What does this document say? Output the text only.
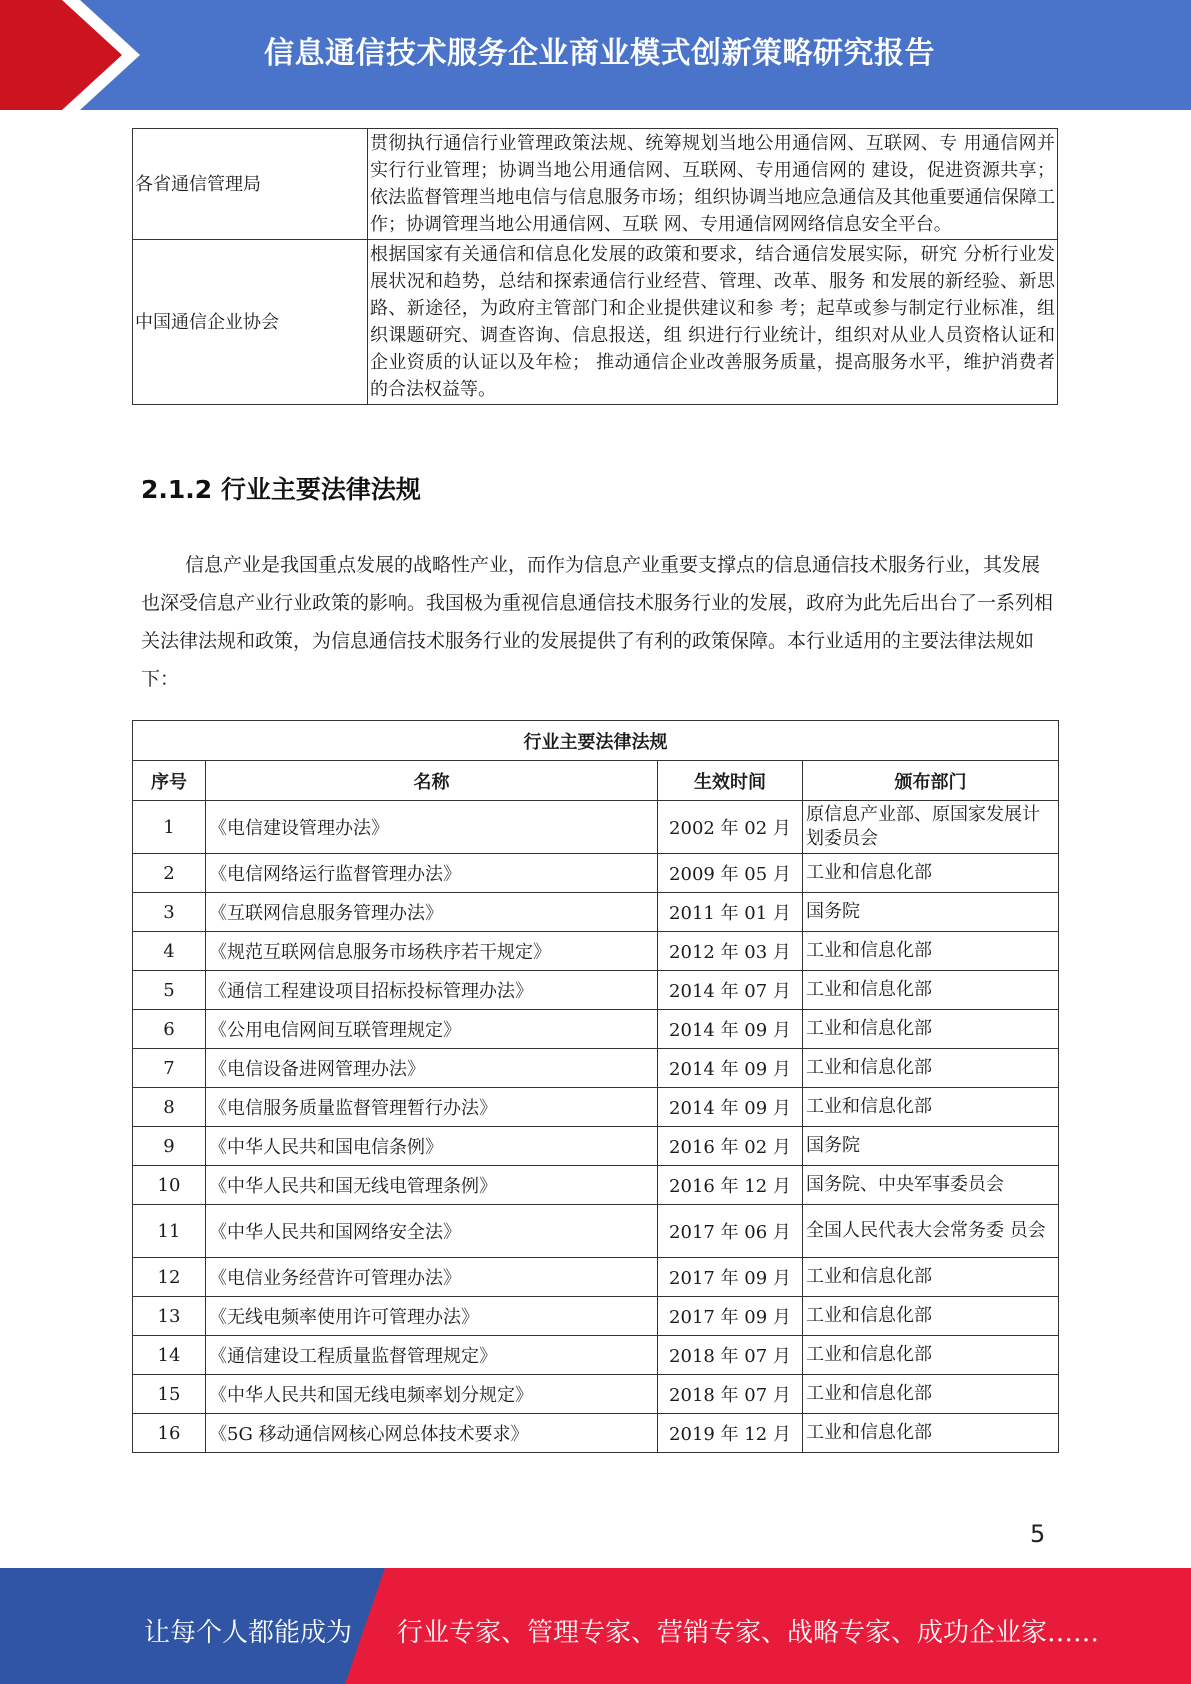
信息通信技术服务企业商业模式创新策略研究报告
各省通信管理局	贯彻执行通信行业管理政策法规、统筹规划当地公用通信网、互联网、专 用通信网并实行行业管理；协调当地公用通信网、互联网、专用通信网的 建设，促进资源共享；依法监督管理当地电信与信息服务市场；组织协调当地应急通信及其他重要通信保障工作；协调管理当地公用通信网、互联 网、专用通信网网络信息安全平台。
中国通信企业协会	根据国家有关通信和信息化发展的政策和要求，结合通信发展实际，研究 分析行业发展状况和趋势，总结和探索通信行业经营、管理、改革、服务 和发展的新经验、新思路、新途径，为政府主管部门和企业提供建议和参 考；起草或参与制定行业标准，组织课题研究、调查咨询、信息报送，组 织进行行业统计，组织对从业人员资格认证和企业资质的认证以及年检； 推动通信企业改善服务质量，提高服务水平，维护消费者的合法权益等。
2.1.2 行业主要法律法规

信息产业是我国重点发展的战略性产业，而作为信息产业重要支撑点的信息通信技术服务行业，其发展也深受信息产业行业政策的影响。我国极为重视信息通信技术服务行业的发展，政府为此先后出台了一系列相关法律法规和政策，为信息通信技术服务行业的发展提供了有利的政策保障。本行业适用的主要法律法规如下：

行业主要法律法规			
序号	名称	生效时间	颁布部门
1	《电信建设管理办法》	2002 年 02 月	原信息产业部、原国家发展计划委员会
2	《电信网络运行监督管理办法》	2009 年 05 月	工业和信息化部
3	《互联网信息服务管理办法》	2011 年 01 月	国务院
4	《规范互联网信息服务市场秩序若干规定》	2012 年 03 月	工业和信息化部
5	《通信工程建设项目招标投标管理办法》	2014 年 07 月	工业和信息化部
6	《公用电信网间互联管理规定》	2014 年 09 月	工业和信息化部
7	《电信设备进网管理办法》	2014 年 09 月	工业和信息化部
8	《电信服务质量监督管理暂行办法》	2014 年 09 月	工业和信息化部
9	《中华人民共和国电信条例》	2016 年 02 月	国务院
10	《中华人民共和国无线电管理条例》	2016 年 12 月	国务院、中央军事委员会
11	《中华人民共和国网络安全法》	2017 年 06 月	全国人民代表大会常务委 员会
12	《电信业务经营许可管理办法》	2017 年 09 月	工业和信息化部
13	《无线电频率使用许可管理办法》	2017 年 09 月	工业和信息化部
14	《通信建设工程质量监督管理规定》	2018 年 07 月	工业和信息化部
15	《中华人民共和国无线电频率划分规定》	2018 年 07 月	工业和信息化部
16	《5G 移动通信网核心网总体技术要求》	2019 年 12 月	工业和信息化部
5
让每个人都能成为 行业专家、管理专家、营销专家、战略专家、成功企业家……
